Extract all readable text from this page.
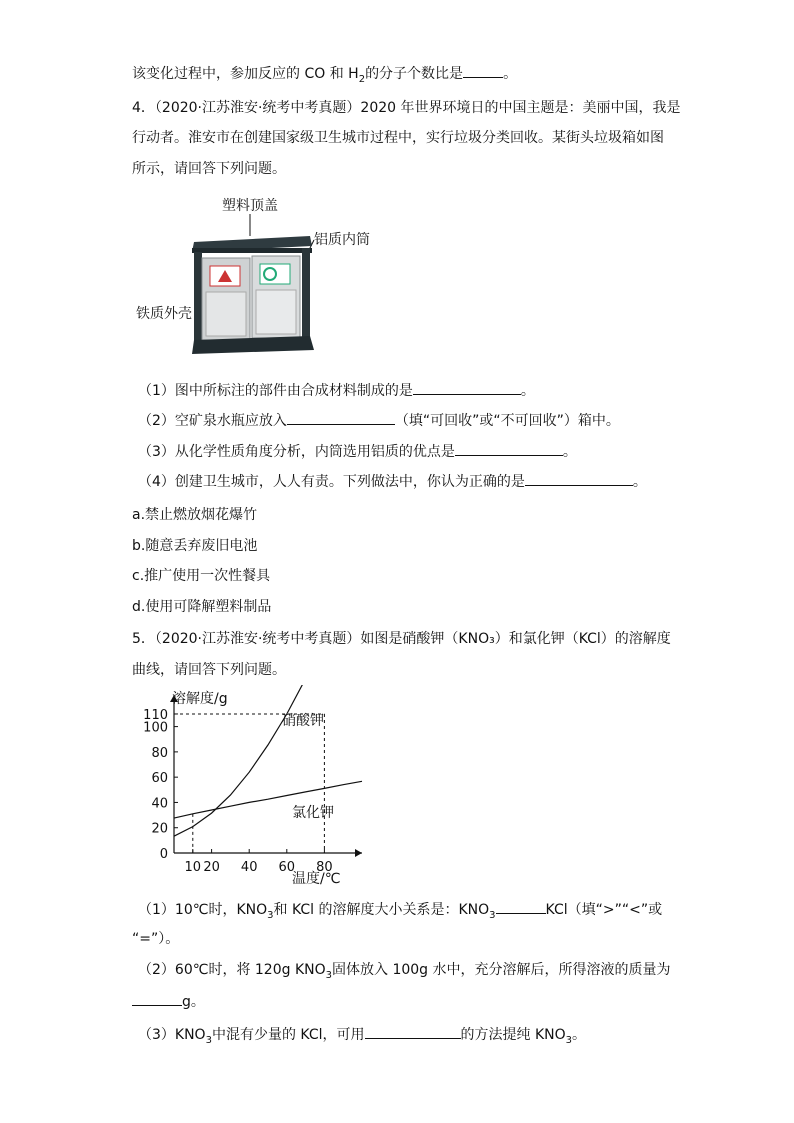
该变化过程中，参加反应的 CO 和 $H_2$的分子个数比是	。
4．（2020·江苏淮安·统考中考真题）2020 年世界环境日的中国主题是：美丽中国，我是
行动者。淮安市在创建国家级卫生城市过程中，实行垃圾分类回收。某街头垃圾箱如图
所示，请回答下列问题。
塑料顶盖
铝质内筒
铁质外壳
（1）图中所标注的部件由合成材料制成的是	。
（2）空矿泉水瓶应放入	（填“可回收”或“不可回收”）箱中。
（3）从化学性质角度分析，内筒选用铝质的优点是	。
（4）创建卫生城市，人人有责。下列做法中，你认为正确的是	。
a.禁止燃放烟花爆竹
b.随意丢弃废旧电池
c.推广使用一次性餐具
d.使用可降解塑料制品
5．（2020·江苏淮安·统考中考真题）如图是硝酸钾（KNO₃）和氯化钾（KCl）的溶解度
曲线，请回答下列问题。
溶解度/g
温度/℃
0
20
40
60
80
100
110
10 20 40 60 80
硝酸钾
氯化钾
（1）10℃时，$KNO_3$和 KCl 的溶解度大小关系是：$KNO_3$	KCl（填“>”“<”或
“=”）。
（2）60℃时，将 120g $KNO_3$固体放入 100g 水中，充分溶解后，所得溶液的质量为
g。
$(3)KNO_3$中混有少量的 KCl，可用	的方法提纯 $KNO_3$。
